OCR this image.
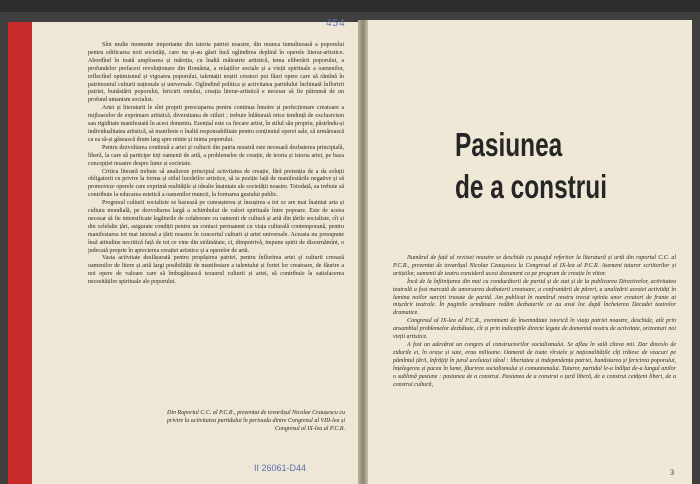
454
II 26061-D44

Sînt multe momente importante din istoria patriei noastre, din munca tumultuoasă a poporului pentru edificarea noii societăți, care nu și-au găsit încă oglindirea deplină în operele literar-artistice. Abordînd în toată amploarea și măreția, cu înaltă măiestrie artistică, tema eliberării poporului, a profundelor prefaceri revoluționare din România, a relațiilor sociale și a vieții spirituale a oamenilor, reflectînd optimismul și vigoarea poporului, talentații noștri creatori pot făuri opere care să rămînă în patrimoniul culturii naționale și universale. Oglindind politica și activitatea partidului închinată înfloririi patriei, bunăstării poporului, fericirii omului, creația literar-artistică e necesar să fie pătrunsă de un profund umanism socialist.

Artei și literaturii le sînt proprii preocupareа pentru continua înnoire și perfecționare creatoare a mijloacelor de exprimare artistică, diversitatea de stiluri ; trebuie înlăturată orice tendință de exclusivism sau rigiditate manifestată în acest domeniu. Esențial este ca fiecare artist, în stilul său propriu, păstrîndu-și individualitatea artistică, să manifeste o înaltă responsabilitate pentru conținutul operei sale, să urmărească ca ea să-și găsească drum larg spre minte și inima poporului.

Pentru dezvoltarea continuă a artei și culturii din patria noastră este necesară dezbaterea principială, liberă, la care să participe toți oamenii de artă, a problemelor de creație, de teoria și istoria artei, pe baza concepției noastre despre lume și societate.

Critica literară trebuie să analizeze principial activitatea de creație, fără pretenția de a da soluții obligatorii cu privire la forma și stilul lucrărilor artistice, să ia poziție față de manifestările negative și să promoveze operele care exprimă realitățile și idealie înaintate ale societății noastre. Totodată, ea trebuie să contribuie la educarea estetică a oamenilor muncii, la formarea gustului public.

Progresul culturii socialiste se bazează pe cunoașterea și însușirea a tot ce are mai înaintat arta și cultura mondială, pe dezvoltarea largă a schimbului de valori spirituale între popoare. Este de aceea necesar să fie intensificate legăturile de colaborare cu oamenii de cultură și artă din țările socialiste, cît și din celelalte țări, asigurate condiții pentru un contact permanent cu viața culturală contemporană, pentru manifestarea tot mai intensă a țării noastre în concertul culturii și artei universale. Aceasta nu presupune însă atitudine necritică față de tot ce vine din străinătate, ci, dimpotrivă, impune spirit de discernămînt, o judecată proprie în aprecierea creației artistice și a operelor de artă.

Vasta activitate desfășurată pentru propășirea patriei, pentru înflorirea artei și culturii creează oamenilor de litere și artă largi posibilități de manifestare a talentului și fortei lor creatoare, de făurire a noi opere de valoare care să îmbogățească tezaurul culturii și artei, să contribuie la satisfacerea necesităților spirituale ale poporului.

Din Raportul C.C. al P.C.R., prezentat de tovarășul Nicolae Ceaușescu cu privire la activitatea partidului în perioada dintre Congresul al VIII-lea și Congresul al IX-lea al P.C.R.
Pasiunea
de a construi

Numărul de față al revistei noastre se deschide cu pasajul referitor la literatură și artă din raportul C.C. al P.C.R., prezentat de tovarășul Nicolae Ceaușescu la Congresul al IX-lea al P.C.R. Asemeni tuturor scriitorilor și artiștilor, oamenii de teatru consideră acest document ca pe program de creație în viitor.

Încă de la înfiinițarea din mai cu conducătorii de partid și de stat și de la publicarea Directivelor, activitatea teatrală a fost marcată de amorsarea dezbaterii creatoare, a confruntării de păreri, a analizării acestei activități în lumina noilor sarcini trasate de partid. Am publicat în numărul nostru trecut opinia unor creatori de frunte ai mișcării teatrale. În paginile următoare redăm dezbaterile ce au avut loc după încheierea Decadei teatrelor dramatice.

Congresul al IX-lea al P.C.R., eveniment de însemnătate istorică în viața patriei noastre, deschide, atît prin ansamblul problemelor dezbătute, cît și prin indicațiile directe legate de domeniul nostru de activitate, orizonturi noi vieții artistice.

A fost un adevărat un congres al constructorilor socialismului. Se aflau în sală cîteva mii. Dar dincolo de zidurile ei, în orașe și sate, erau milioane. Oamenii de toate vîrstele și naționalitățile cîți trăiesc de veacuri pe pămîntul țării, înfrățiți în jurul aceluiași ideal : libertatea și independența patriei, bunăstarea și fericirea poporului, înțelegerea și pacea în lume, făurirea socialismului și comunismului. Tuturor, partidul le-a înălțat de-a lungul anilor o sublimă pasiune : pasiunea de a construi. Pasiunea de a construi o țară liberă, de a construi cetățeni liberi, de a construi cultură,

3
